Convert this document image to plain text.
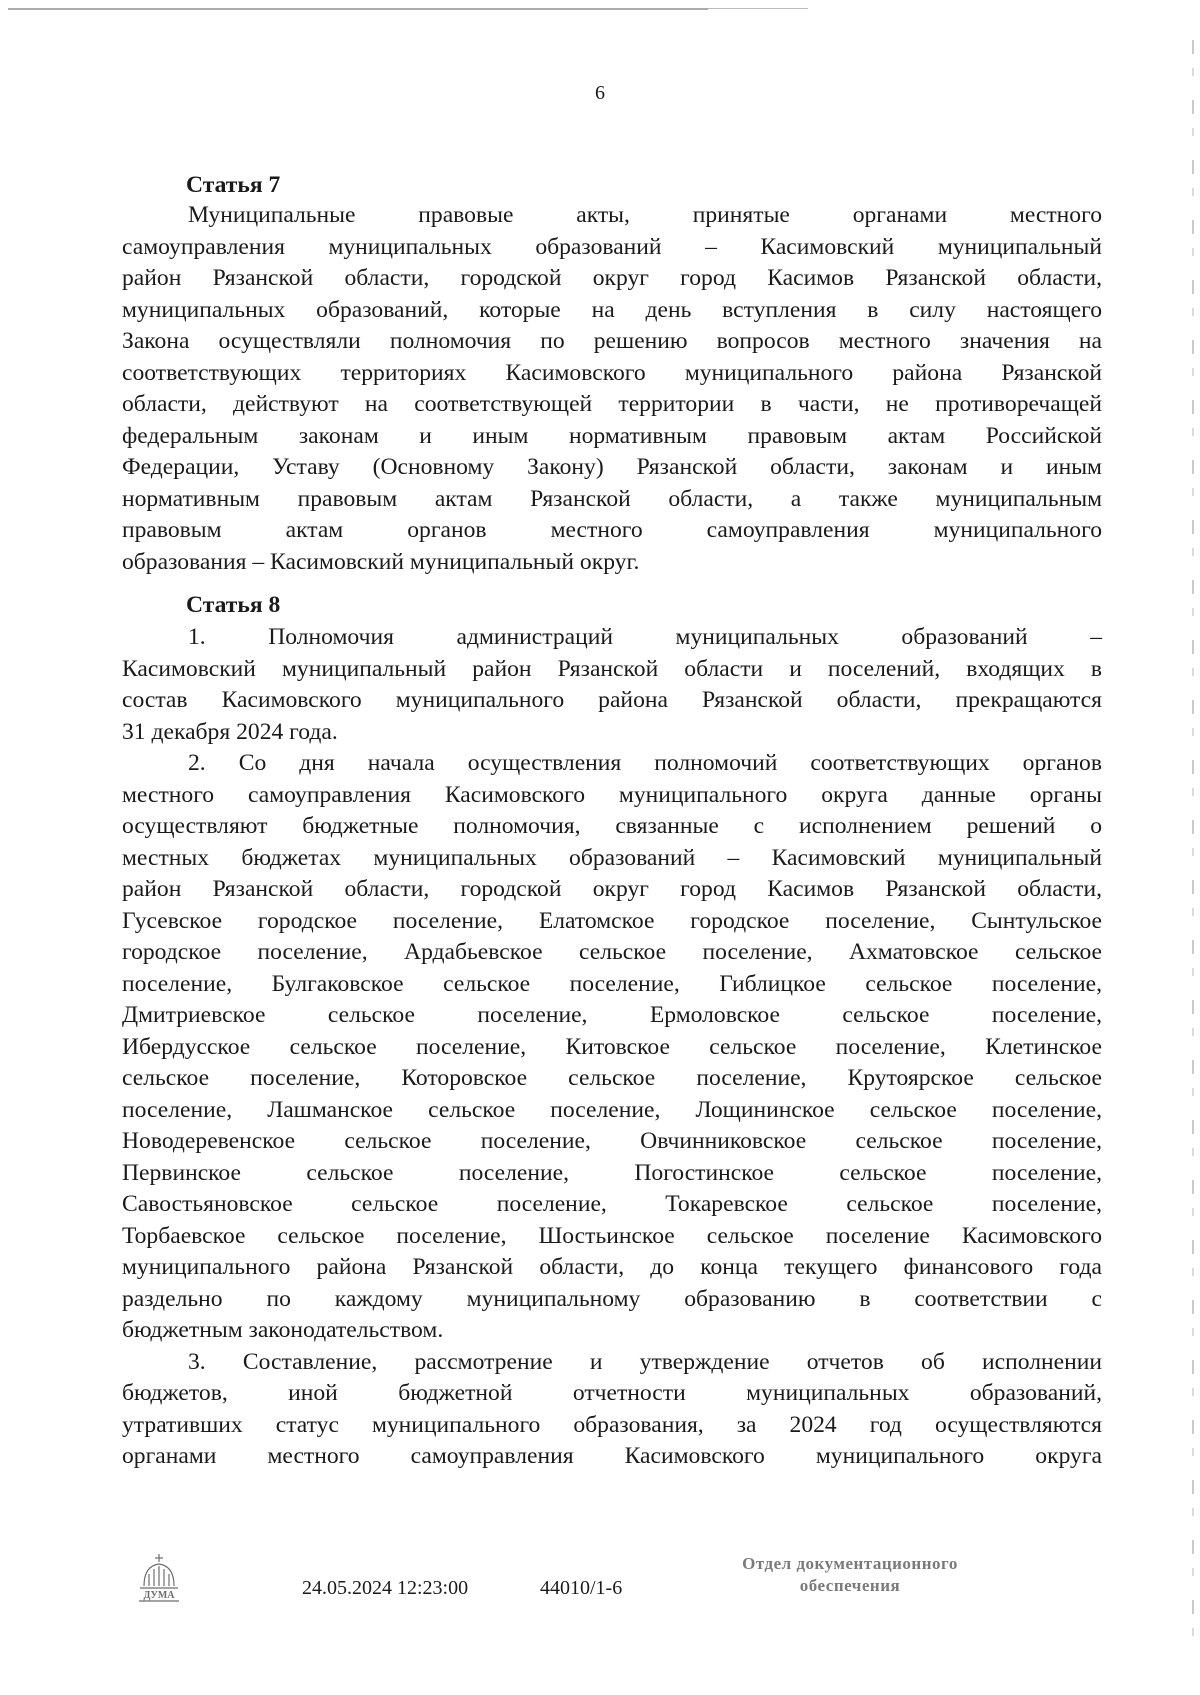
6
Статья 7
Муниципальные правовые акты, принятые органами местного
самоуправления муниципальных образований – Касимовский муниципальный
район Рязанской области, городской округ город Касимов Рязанской области,
муниципальных образований, которые на день вступления в силу настоящего
Закона осуществляли полномочия по решению вопросов местного значения на
соответствующих территориях Касимовского муниципального района Рязанской
области, действуют на соответствующей территории в части, не противоречащей
федеральным законам и иным нормативным правовым актам Российской
Федерации, Уставу (Основному Закону) Рязанской области, законам и иным
нормативным правовым актам Рязанской области, а также муниципальным
правовым актам органов местного самоуправления муниципального
образования – Касимовский муниципальный округ.
Статья 8
1. Полномочия администраций муниципальных образований –
Касимовский муниципальный район Рязанской области и поселений, входящих в
состав Касимовского муниципального района Рязанской области, прекращаются
31 декабря 2024 года.
2. Со дня начала осуществления полномочий соответствующих органов
местного самоуправления Касимовского муниципального округа данные органы
осуществляют бюджетные полномочия, связанные с исполнением решений о
местных бюджетах муниципальных образований – Касимовский муниципальный
район Рязанской области, городской округ город Касимов Рязанской области,
Гусевское городское поселение, Елатомское городское поселение, Сынтульское
городское поселение, Ардабьевское сельское поселение, Ахматовское сельское
поселение, Булгаковское сельское поселение, Гиблицкое сельское поселение,
Дмитриевское сельское поселение, Ермоловское сельское поселение,
Ибердусское сельское поселение, Китовское сельское поселение, Клетинское
сельское поселение, Которовское сельское поселение, Крутоярское сельское
поселение, Лашманское сельское поселение, Лощининское сельское поселение,
Новодеревенское сельское поселение, Овчинниковское сельское поселение,
Первинское сельское поселение, Погостинское сельское поселение,
Савостьяновское сельское поселение, Токаревское сельское поселение,
Торбаевское сельское поселение, Шостьинское сельское поселение Касимовского
муниципального района Рязанской области, до конца текущего финансового года
раздельно по каждому муниципальному образованию в соответствии с
бюджетным законодательством.
3. Составление, рассмотрение и утверждение отчетов об исполнении
бюджетов, иной бюджетной отчетности муниципальных образований,
утративших статус муниципального образования, за 2024 год осуществляются
органами местного самоуправления Касимовского муниципального округа
ДУМА	24.05.2024 12:23:00	44010/1-6
Отдел документационного
обеспечения
